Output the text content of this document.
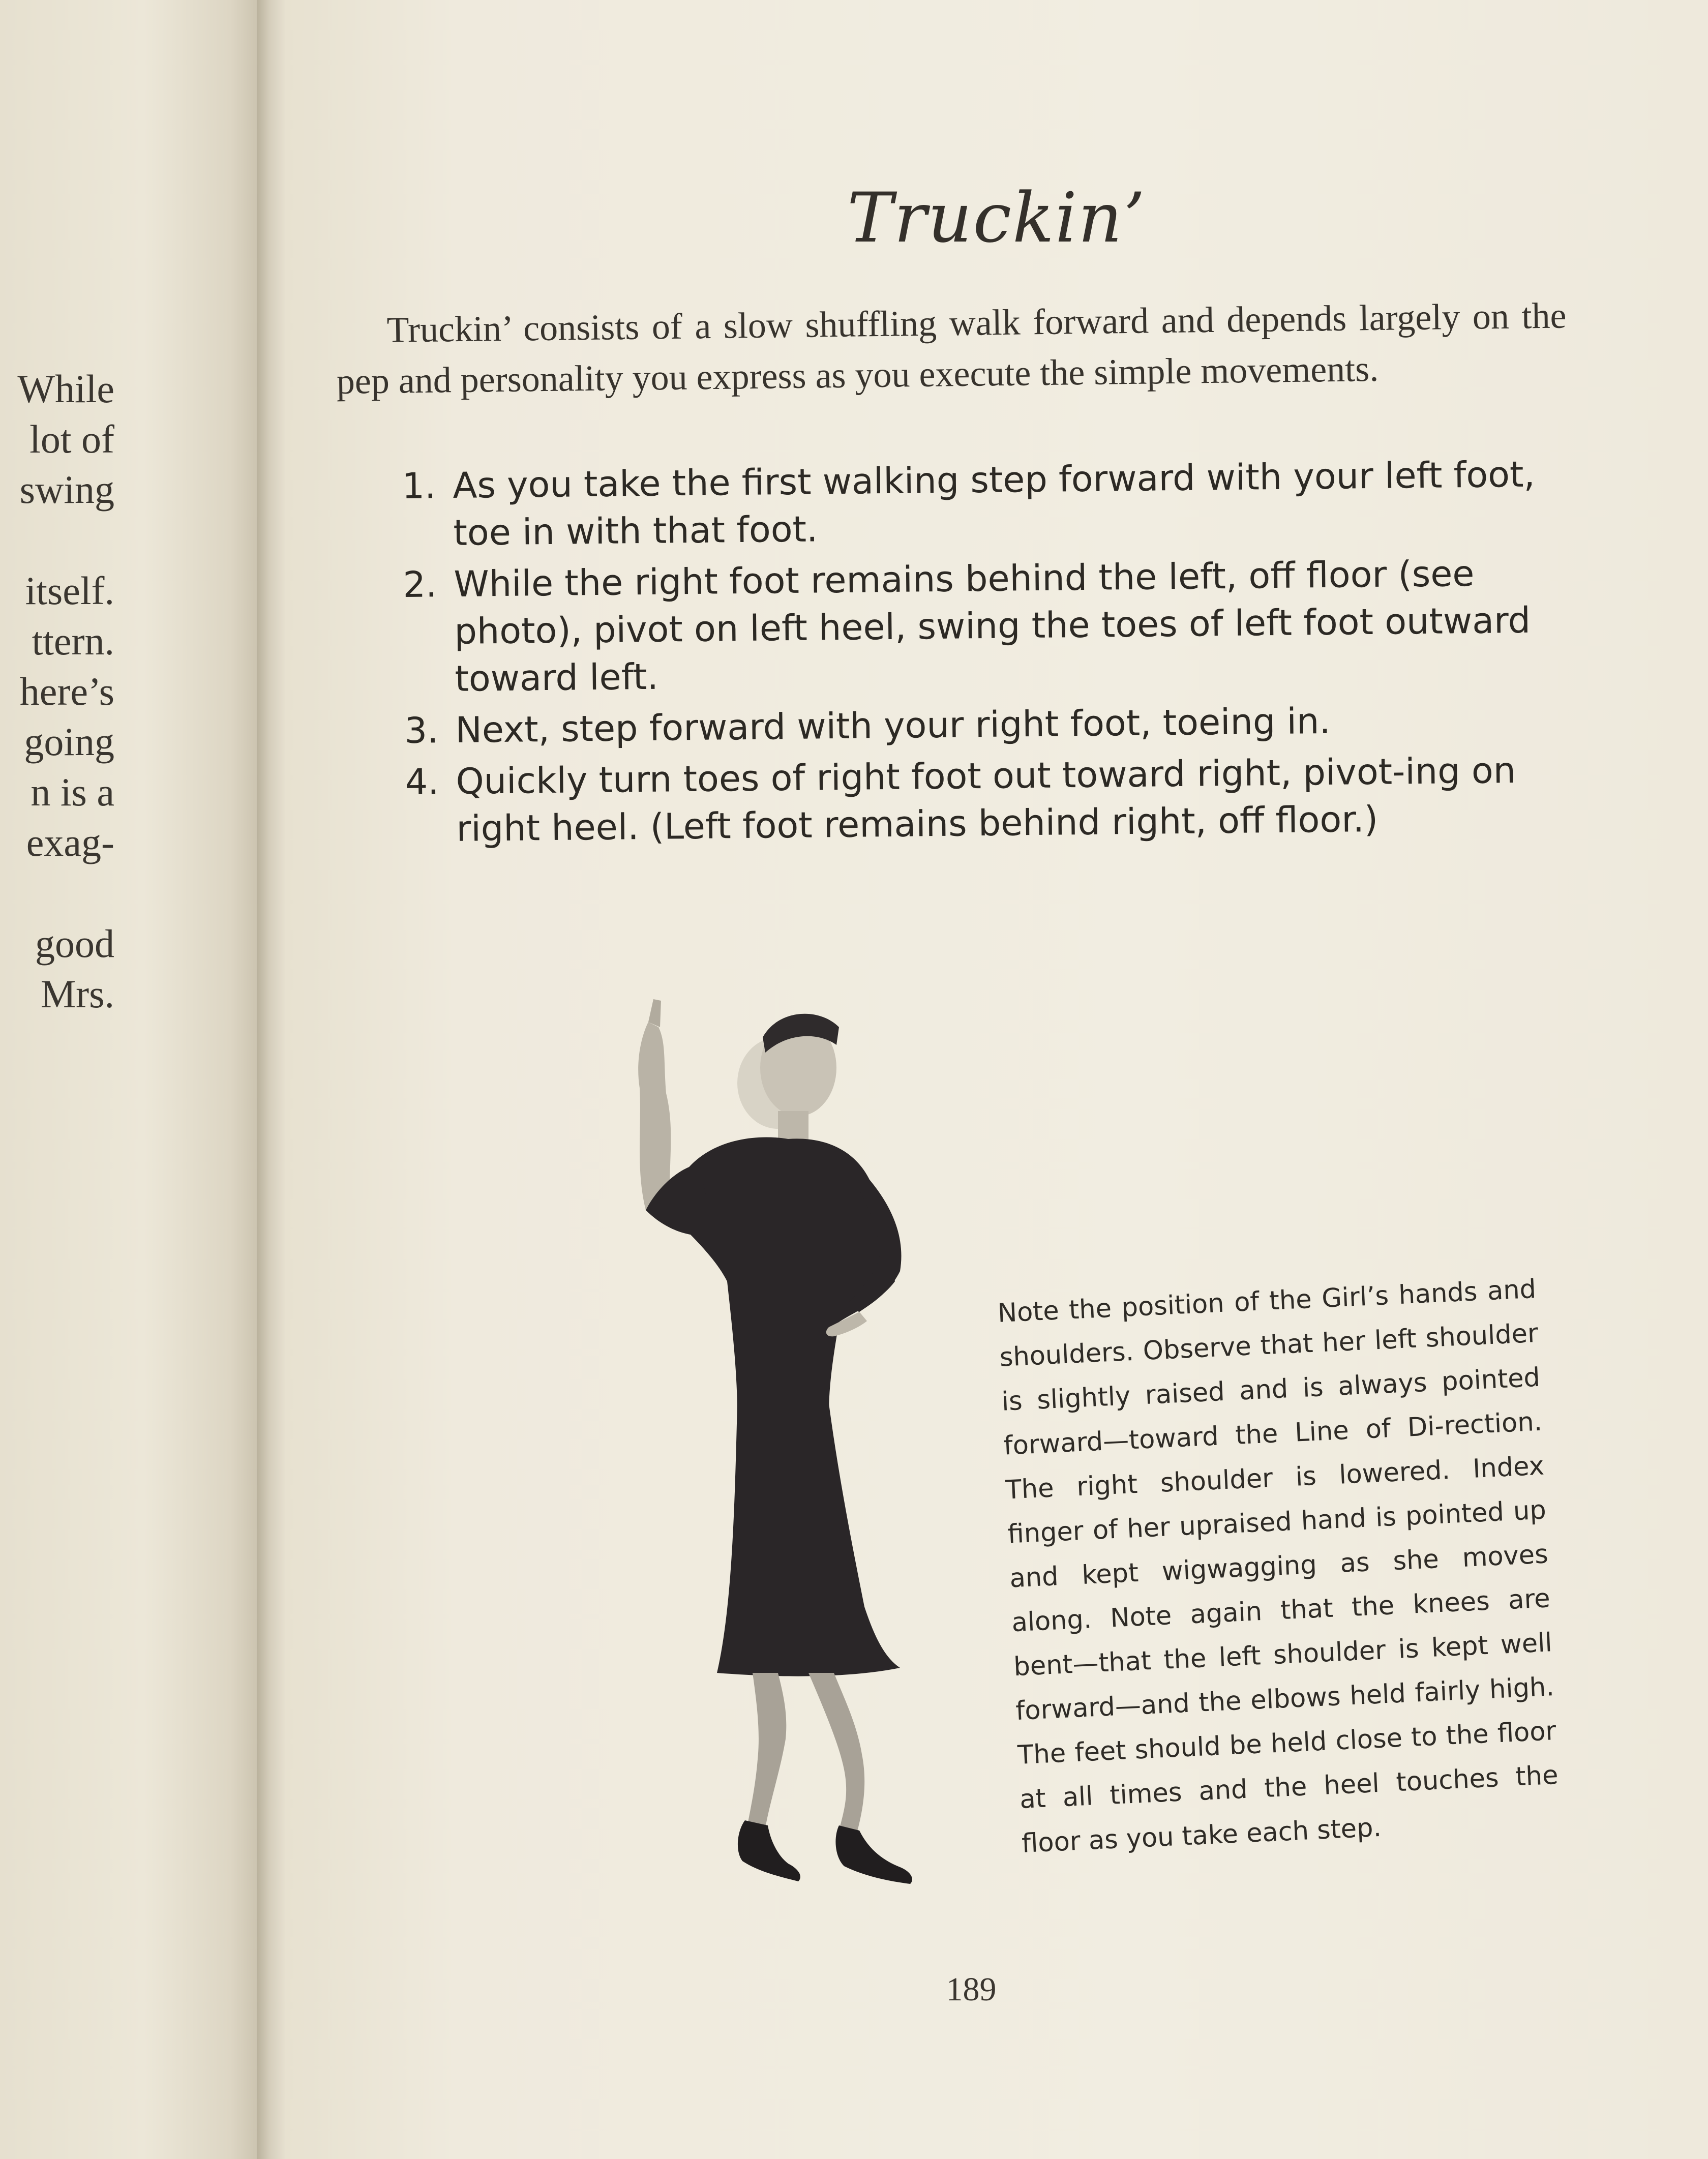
While
lot of
swing
itself.
ttern.
here’s
going
n is a
exag-
good
Mrs.
Truckin’

Truckin’ consists of a slow shuffling walk forward and depends largely on the pep and personality you express as you execute the simple movements.

1. As you take the first walking step forward with your left foot, toe in with that foot.
2. While the right foot remains behind the left, off floor (see photo), pivot on left heel, swing the toes of left foot outward toward left.
3. Next, step forward with your right foot, toeing in.
4. Quickly turn toes of right foot out toward right, pivot-ing on right heel. (Left foot remains behind right, off floor.)

Note the position of the Girl’s hands and shoulders. Observe that her left shoulder is slightly raised and is always pointed forward—toward the Line of Di-rection. The right shoulder is lowered. Index finger of her upraised hand is pointed up and kept wigwagging as she moves along. Note again that the knees are bent—that the left shoulder is kept well forward—and the elbows held fairly high. The feet should be held close to the floor at all times and the heel touches the floor as you take each step.

189
